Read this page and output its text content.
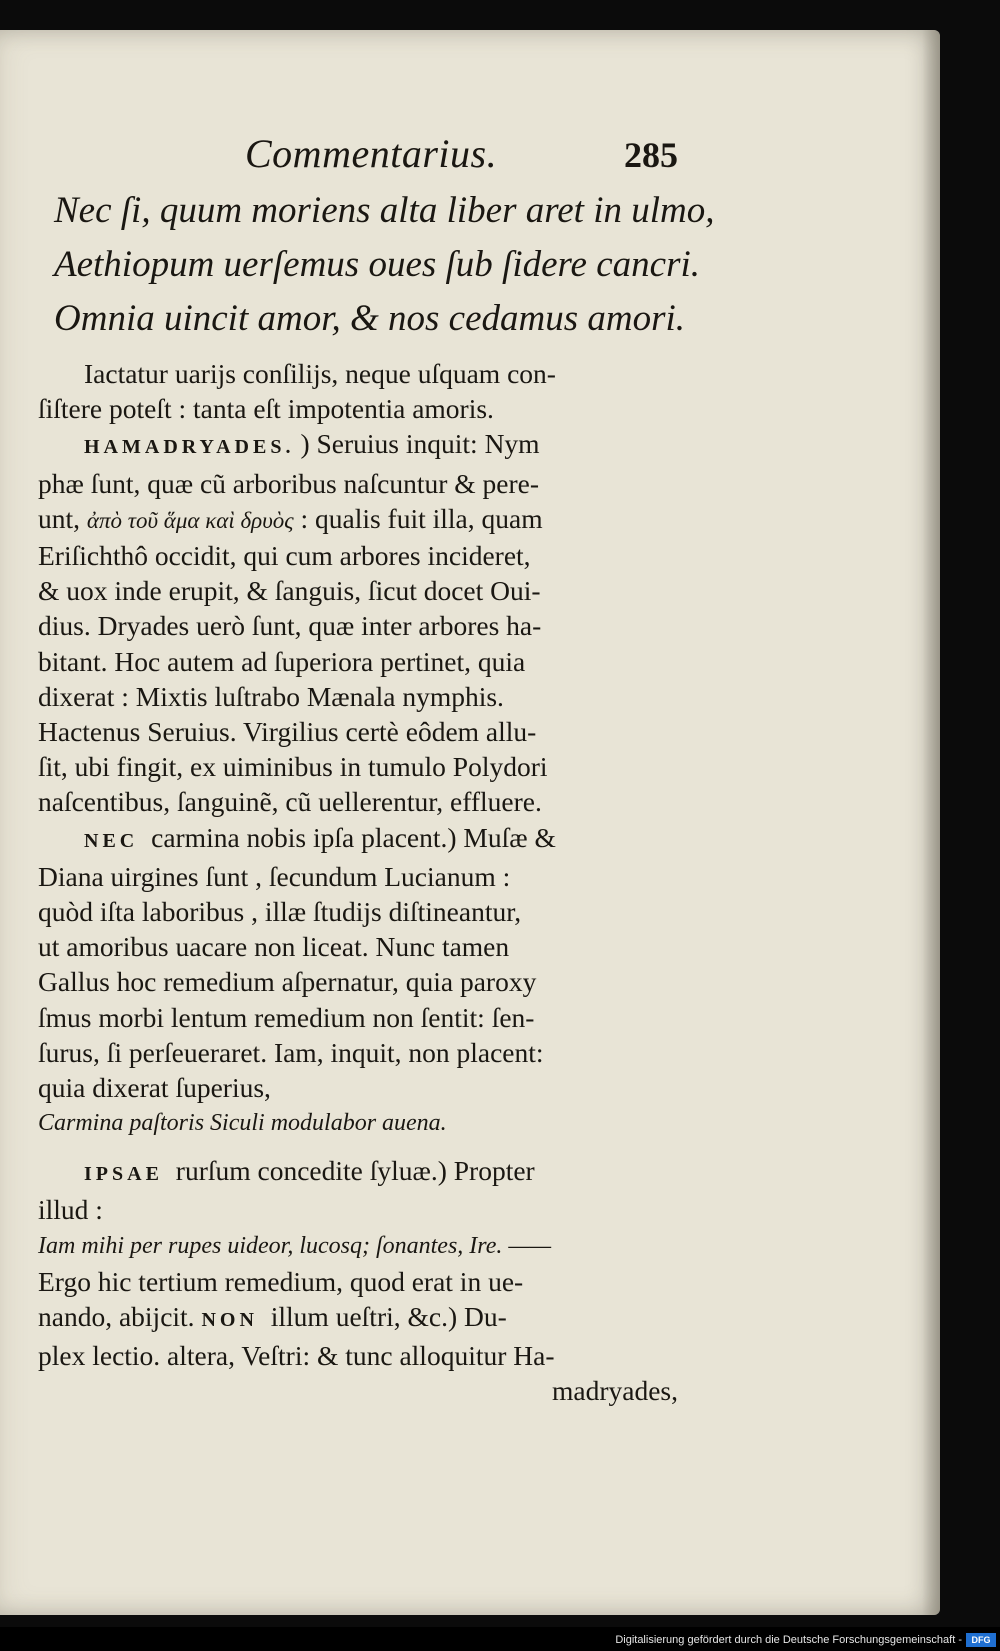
Commentarius.	285
Nec ſi, quum moriens alta liber aret in ulmo,
Aethiopum uerſemus oues ſub ſidere cancri.
Omnia uincit amor, & nos cedamus amori.
Iactatur uarijs conſilijs, neque uſquam con-
ſiſtere poteſt : tanta eſt impotentia amoris.
HAMADRYADES. ) Seruius inquit: Nym
phæ ſunt, quæ cũ arboribus naſcuntur & pere-
unt, ἀπὸ τοῦ ἅμα καὶ δρυὸς : qualis fuit illa, quam
Eriſichthô occidit, qui cum arbores incideret,
& uox inde erupit, & ſanguis, ſicut docet Oui-
dius. Dryades uerò ſunt, quæ inter arbores ha-
bitant. Hoc autem ad ſuperiora pertinet, quia
dixerat : Mixtis luſtrabo Mænala nymphis.
Hactenus Seruius. Virgilius certè eôdem allu-
ſit, ubi fingit, ex uiminibus in tumulo Polydori
naſcentibus, ſanguinẽ, cũ uellerentur, effluere.
NEC carmina nobis ipſa placent.) Muſæ &
Diana uirgines ſunt , ſecundum Lucianum :
quòd iſta laboribus , illæ ſtudijs diſtineantur,
ut amoribus uacare non liceat. Nunc tamen
Gallus hoc remedium aſpernatur, quia paroxy
ſmus morbi lentum remedium non ſentit: ſen-
ſurus, ſi perſeueraret. Iam, inquit, non placent:
quia dixerat ſuperius,
Carmina paſtoris Siculi modulabor auena.
IPSAE rurſum concedite ſyluæ.) Propter
illud :
Iam mihi per rupes uideor, lucosq; ſonantes, Ire. ——
Ergo hic tertium remedium, quod erat in ue-
nando, abijcit. NON illum ueſtri, &c.) Du-
plex lectio. altera, Veſtri: & tunc alloquitur Ha-
madryades,
Digitalisierung gefördert durch die Deutsche Forschungsgemeinschaft -	DFG
